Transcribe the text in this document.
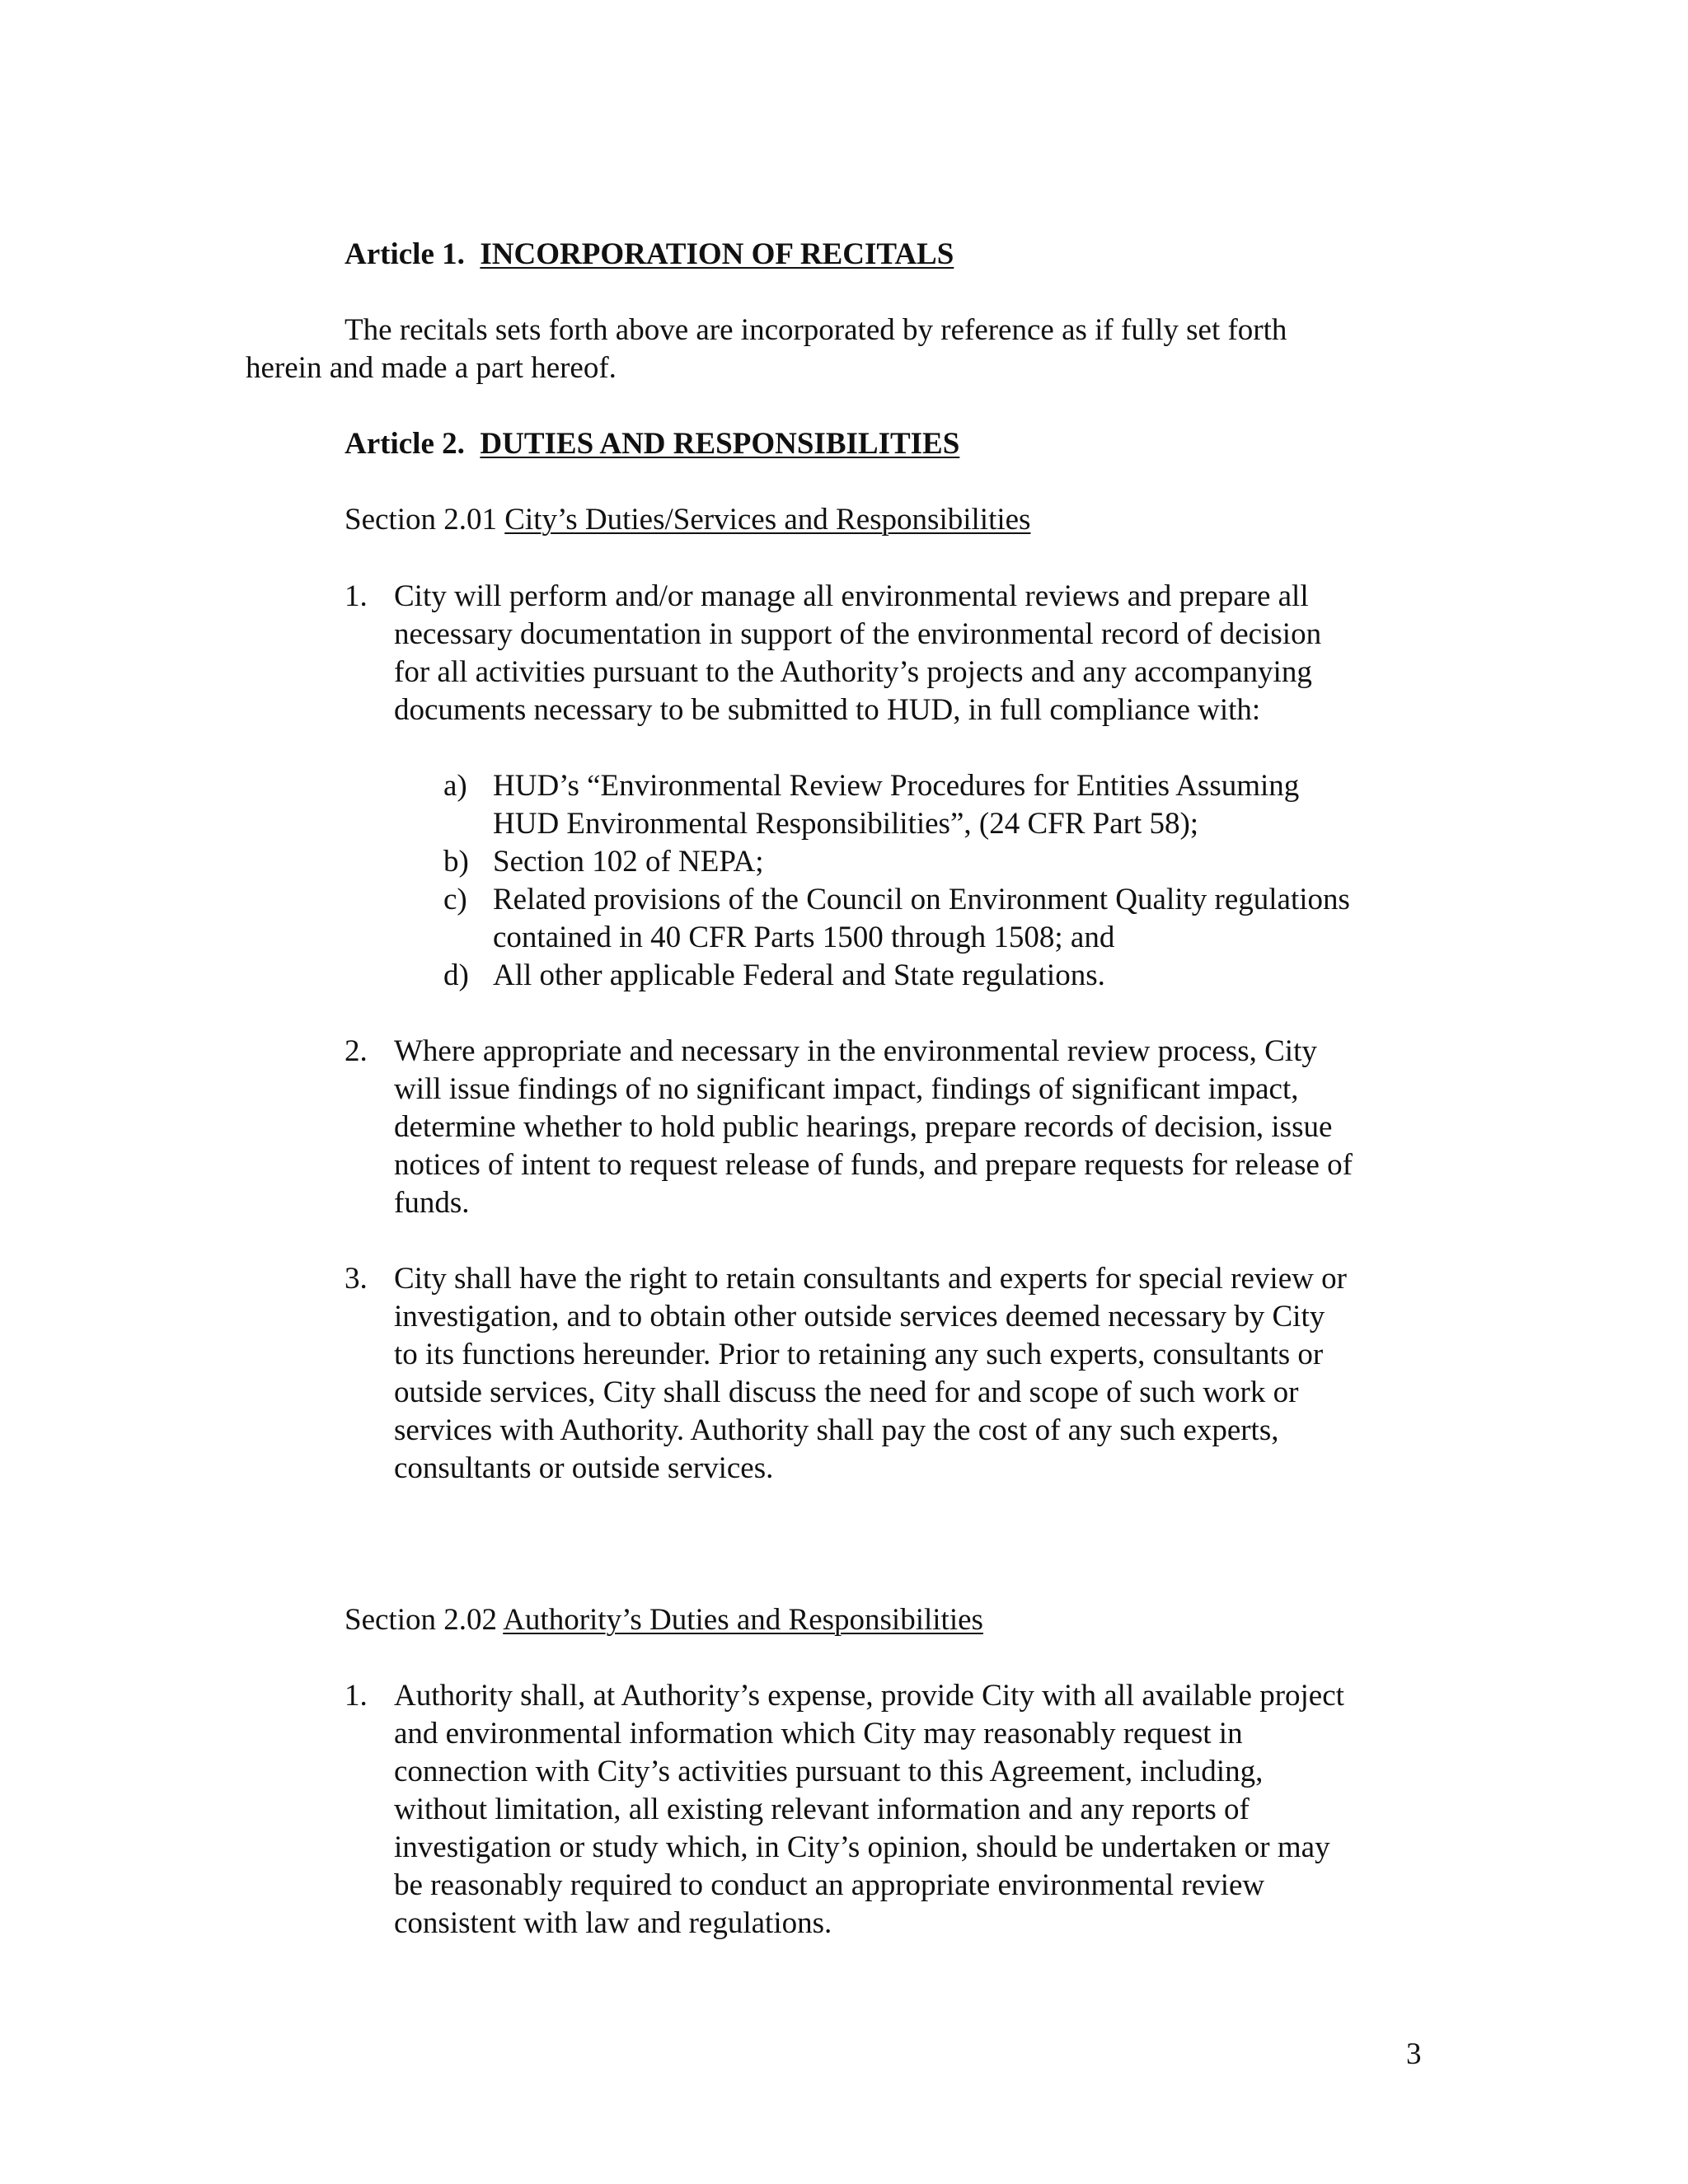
Article 1. INCORPORATION OF RECITALS

The recitals sets forth above are incorporated by reference as if fully set forth

herein and made a part hereof.

Article 2. DUTIES AND RESPONSIBILITIES

Section 2.01 City’s Duties/Services and Responsibilities

1. City will perform and/or manage all environmental reviews and prepare all

necessary documentation in support of the environmental record of decision

for all activities pursuant to the Authority’s projects and any accompanying

documents necessary to be submitted to HUD, in full compliance with:

a) HUD’s “Environmental Review Procedures for Entities Assuming

HUD Environmental Responsibilities”, (24 CFR Part 58);

b) Section 102 of NEPA;

c) Related provisions of the Council on Environment Quality regulations

contained in 40 CFR Parts 1500 through 1508; and

d) All other applicable Federal and State regulations.

2. Where appropriate and necessary in the environmental review process, City

will issue findings of no significant impact, findings of significant impact,

determine whether to hold public hearings, prepare records of decision, issue

notices of intent to request release of funds, and prepare requests for release of

funds.

3. City shall have the right to retain consultants and experts for special review or

investigation, and to obtain other outside services deemed necessary by City

to its functions hereunder. Prior to retaining any such experts, consultants or

outside services, City shall discuss the need for and scope of such work or

services with Authority. Authority shall pay the cost of any such experts,

consultants or outside services.

Section 2.02 Authority’s Duties and Responsibilities

1. Authority shall, at Authority’s expense, provide City with all available project

and environmental information which City may reasonably request in

connection with City’s activities pursuant to this Agreement, including,

without limitation, all existing relevant information and any reports of

investigation or study which, in City’s opinion, should be undertaken or may

be reasonably required to conduct an appropriate environmental review

consistent with law and regulations.

3
